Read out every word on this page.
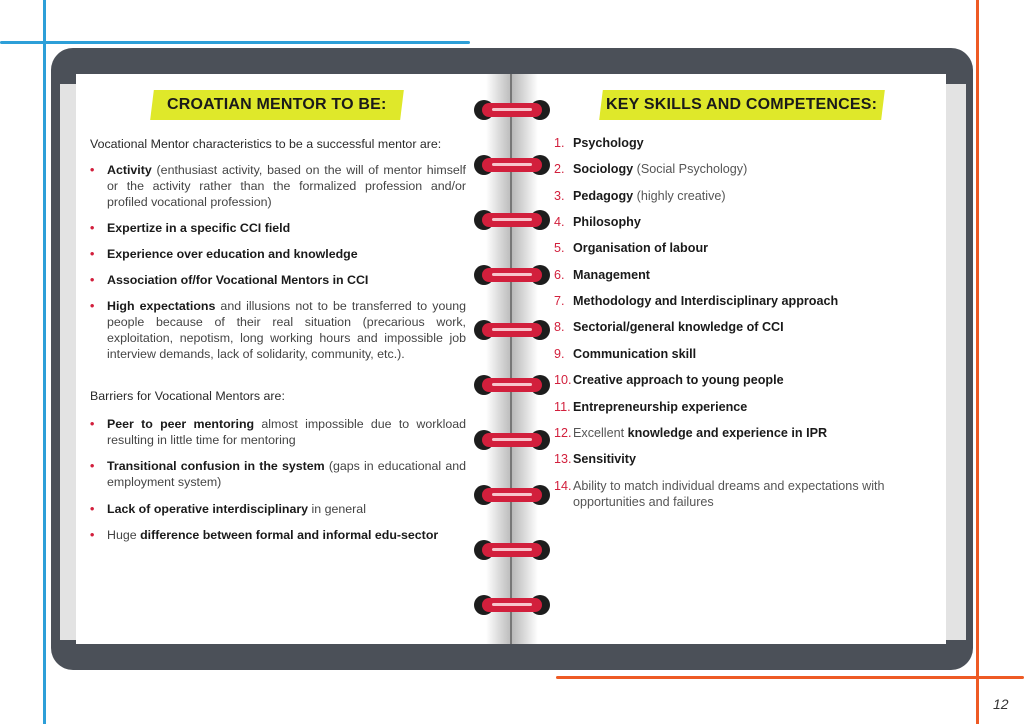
CROATIAN MENTOR TO BE:
Vocational Mentor characteristics to be a successful mentor are:
•	Activity (enthusiast activity, based on the will of mentor himself or the activity rather than the formalized profession and/or profiled vocational profession)
•	Expertize in a specific CCI field
•	Experience over education and knowledge
•	Association of/for Vocational Mentors in CCI
•	High expectations and illusions not to be transferred to young people because of their real situation (precarious work, exploitation, nepotism, long working hours and impossible job interview demands, lack of solidarity, community, etc.).
Barriers for Vocational Mentors are:
•	Peer to peer mentoring almost impossible due to workload resulting in little time for mentoring
•	Transitional confusion in the system (gaps in educational and employment system)
•	Lack of operative interdisciplinary in general
•	Huge difference between formal and informal edu-sector
KEY SKILLS AND COMPETENCES:
1. Psychology
2. Sociology (Social Psychology)
3. Pedagogy (highly creative)
4. Philosophy
5. Organisation of labour
6. Management
7. Methodology and Interdisciplinary approach
8. Sectorial/general knowledge of CCI
9. Communication skill
10. Creative approach to young people
11. Entrepreneurship experience
12. Excellent knowledge and experience in IPR
13. Sensitivity
14. Ability to match individual dreams and expectations with opportunities and failures
12
